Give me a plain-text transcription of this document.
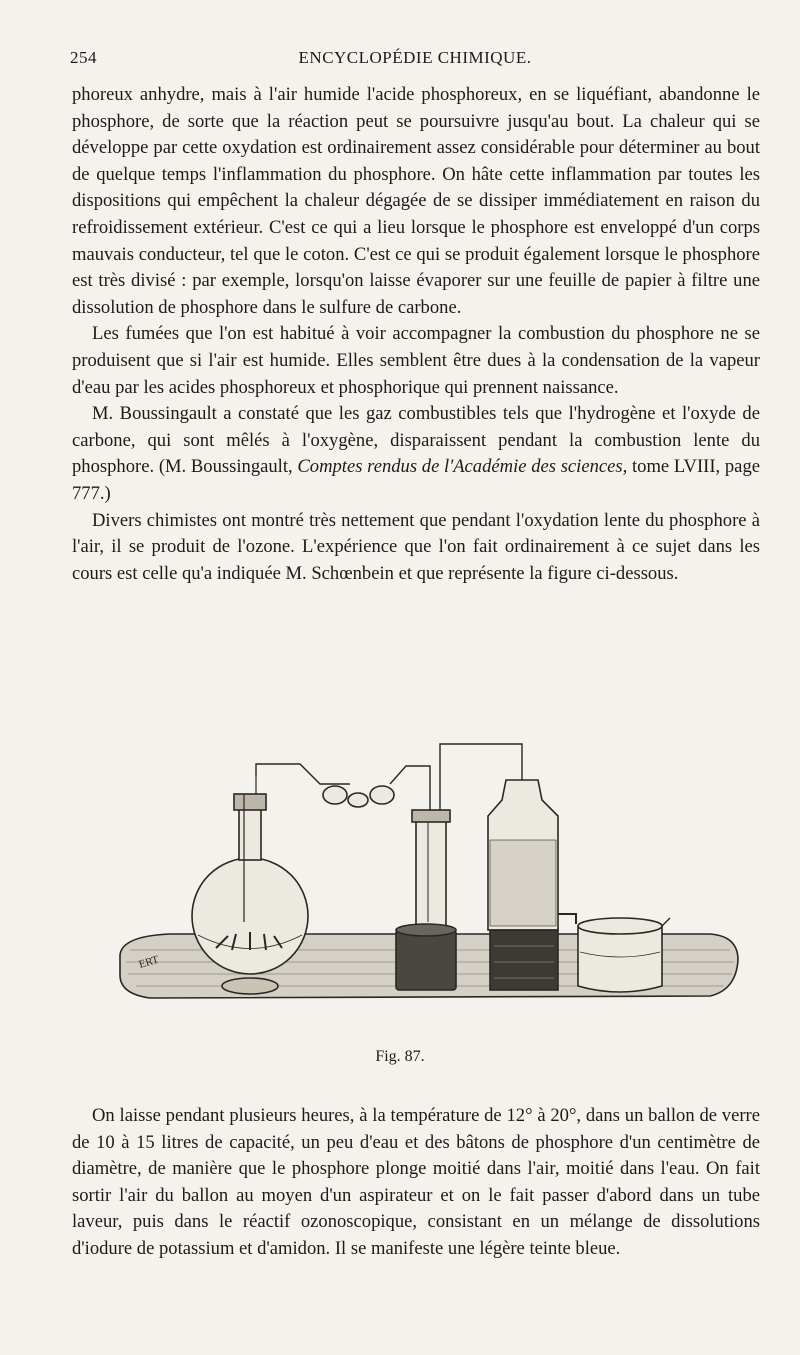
254	ENCYCLOPÉDIE CHIMIQUE.

phoreux anhydre, mais à l'air humide l'acide phosphoreux, en se liquéfiant, abandonne le phosphore, de sorte que la réaction peut se poursuivre jusqu'au bout. La chaleur qui se développe par cette oxydation est ordinairement assez considérable pour déterminer au bout de quelque temps l'inflammation du phosphore. On hâte cette inflammation par toutes les dispositions qui empêchent la chaleur dégagée de se dissiper immédiatement en raison du refroidissement extérieur. C'est ce qui a lieu lorsque le phosphore est enveloppé d'un corps mauvais conducteur, tel que le coton. C'est ce qui se produit également lorsque le phosphore est très divisé : par exemple, lorsqu'on laisse évaporer sur une feuille de papier à filtre une dissolution de phosphore dans le sulfure de carbone.

Les fumées que l'on est habitué à voir accompagner la combustion du phosphore ne se produisent que si l'air est humide. Elles semblent être dues à la condensation de la vapeur d'eau par les acides phosphoreux et phosphorique qui prennent naissance.

M. Boussingault a constaté que les gaz combustibles tels que l'hydrogène et l'oxyde de carbone, qui sont mêlés à l'oxygène, disparaissent pendant la combustion lente du phosphore. (M. Boussingault, Comptes rendus de l'Académie des sciences, tome LVIII, page 777.)

Divers chimistes ont montré très nettement que pendant l'oxydation lente du phosphore à l'air, il se produit de l'ozone. L'expérience que l'on fait ordinairement à ce sujet dans les cours est celle qu'a indiquée M. Schœnbein et que représente la figure ci-dessous.

ERT
Fig. 87.

On laisse pendant plusieurs heures, à la température de 12° à 20°, dans un ballon de verre de 10 à 15 litres de capacité, un peu d'eau et des bâtons de phosphore d'un centimètre de diamètre, de manière que le phosphore plonge moitié dans l'air, moitié dans l'eau. On fait sortir l'air du ballon au moyen d'un aspirateur et on le fait passer d'abord dans un tube laveur, puis dans le réactif ozonoscopique, consistant en un mélange de dissolutions d'iodure de potassium et d'amidon. Il se manifeste une légère teinte bleue.
